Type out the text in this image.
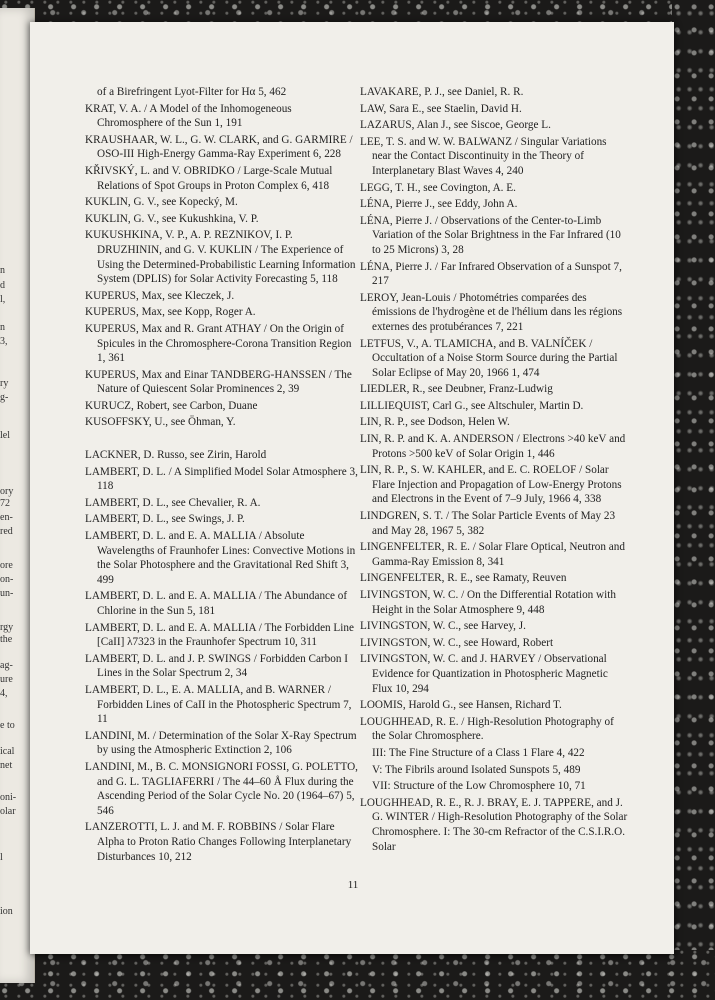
n
d
l,
n
3,
ry
g-
lel
ory
72
en-
red
ore
on-
un-
rgy
the
ag-
ure
4,
e to
ical
net
oni-
olar
l
ion
of a Birefringent Lyot-Filter for Hα 5, 462
KRAT, V. A. / A Model of the Inhomogeneous Chromosphere of the Sun 1, 191
KRAUSHAAR, W. L., G. W. CLARK, and G. GARMIRE / OSO-III High-Energy Gamma-Ray Experiment 6, 228
KŘIVSKÝ, L. and V. OBRIDKO / Large-Scale Mutual Relations of Spot Groups in Proton Complex 6, 418
KUKLIN, G. V., see Kopecký, M.
KUKLIN, G. V., see Kukushkina, V. P.
KUKUSHKINA, V. P., A. P. REZNIKOV, I. P. DRUZHININ, and G. V. KUKLIN / The Experience of Using the Determined-Probabilistic Learning Information System (DPLIS) for Solar Activity Forecasting 5, 118
KUPERUS, Max, see Kleczek, J.
KUPERUS, Max, see Kopp, Roger A.
KUPERUS, Max and R. Grant ATHAY / On the Origin of Spicules in the Chromosphere-Corona Transition Region 1, 361
KUPERUS, Max and Einar TANDBERG-HANSSEN / The Nature of Quiescent Solar Prominences 2, 39
KURUCZ, Robert, see Carbon, Duane
KUSOFFSKY, U., see Öhman, Y.
LACKNER, D. Russo, see Zirin, Harold
LAMBERT, D. L. / A Simplified Model Solar Atmosphere 3, 118
LAMBERT, D. L., see Chevalier, R. A.
LAMBERT, D. L., see Swings, J. P.
LAMBERT, D. L. and E. A. MALLIA / Absolute Wavelengths of Fraunhofer Lines: Convective Motions in the Solar Photosphere and the Gravitational Red Shift 3, 499
LAMBERT, D. L. and E. A. MALLIA / The Abundance of Chlorine in the Sun 5, 181
LAMBERT, D. L. and E. A. MALLIA / The Forbidden Line [CaII] λ7323 in the Fraunhofer Spectrum 10, 311
LAMBERT, D. L. and J. P. SWINGS / Forbidden Carbon I Lines in the Solar Spectrum 2, 34
LAMBERT, D. L., E. A. MALLIA, and B. WARNER / Forbidden Lines of CaII in the Photospheric Spectrum 7, 11
LANDINI, M. / Determination of the Solar X-Ray Spectrum by using the Atmospheric Extinction 2, 106
LANDINI, M., B. C. MONSIGNORI FOSSI, G. POLETTO, and G. L. TAGLIAFERRI / The 44–60 Å Flux during the Ascending Period of the Solar Cycle No. 20 (1964–67) 5, 546
LANZEROTTI, L. J. and M. F. ROBBINS / Solar Flare Alpha to Proton Ratio Changes Following Interplanetary Disturbances 10, 212
LAVAKARE, P. J., see Daniel, R. R.
LAW, Sara E., see Staelin, David H.
LAZARUS, Alan J., see Siscoe, George L.
LEE, T. S. and W. W. BALWANZ / Singular Variations near the Contact Discontinuity in the Theory of Interplanetary Blast Waves 4, 240
LEGG, T. H., see Covington, A. E.
LÉNA, Pierre J., see Eddy, John A.
LÉNA, Pierre J. / Observations of the Center-to-Limb Variation of the Solar Brightness in the Far Infrared (10 to 25 Microns) 3, 28
LÉNA, Pierre J. / Far Infrared Observation of a Sunspot 7, 217
LEROY, Jean-Louis / Photométries comparées des émissions de l'hydrogène et de l'hélium dans les régions externes des protubérances 7, 221
LETFUS, V., A. TLAMICHA, and B. VALNÍČEK / Occultation of a Noise Storm Source during the Partial Solar Eclipse of May 20, 1966 1, 474
LIEDLER, R., see Deubner, Franz-Ludwig
LILLIEQUIST, Carl G., see Altschuler, Martin D.
LIN, R. P., see Dodson, Helen W.
LIN, R. P. and K. A. ANDERSON / Electrons >40 keV and Protons >500 keV of Solar Origin 1, 446
LIN, R. P., S. W. KAHLER, and E. C. ROELOF / Solar Flare Injection and Propagation of Low-Energy Protons and Electrons in the Event of 7–9 July, 1966 4, 338
LINDGREN, S. T. / The Solar Particle Events of May 23 and May 28, 1967 5, 382
LINGENFELTER, R. E. / Solar Flare Optical, Neutron and Gamma-Ray Emission 8, 341
LINGENFELTER, R. E., see Ramaty, Reuven
LIVINGSTON, W. C. / On the Differential Rotation with Height in the Solar Atmosphere 9, 448
LIVINGSTON, W. C., see Harvey, J.
LIVINGSTON, W. C., see Howard, Robert
LIVINGSTON, W. C. and J. HARVEY / Observational Evidence for Quantization in Photospheric Magnetic Flux 10, 294
LOOMIS, Harold G., see Hansen, Richard T.
LOUGHHEAD, R. E. / High-Resolution Photography of the Solar Chromosphere.
III: The Fine Structure of a Class 1 Flare 4, 422
V: The Fibrils around Isolated Sunspots 5, 489
VII: Structure of the Low Chromosphere 10, 71
LOUGHHEAD, R. E., R. J. BRAY, E. J. TAPPERE, and J. G. WINTER / High-Resolution Photography of the Solar Chromosphere. I: The 30-cm Refractor of the C.S.I.R.O. Solar
11
